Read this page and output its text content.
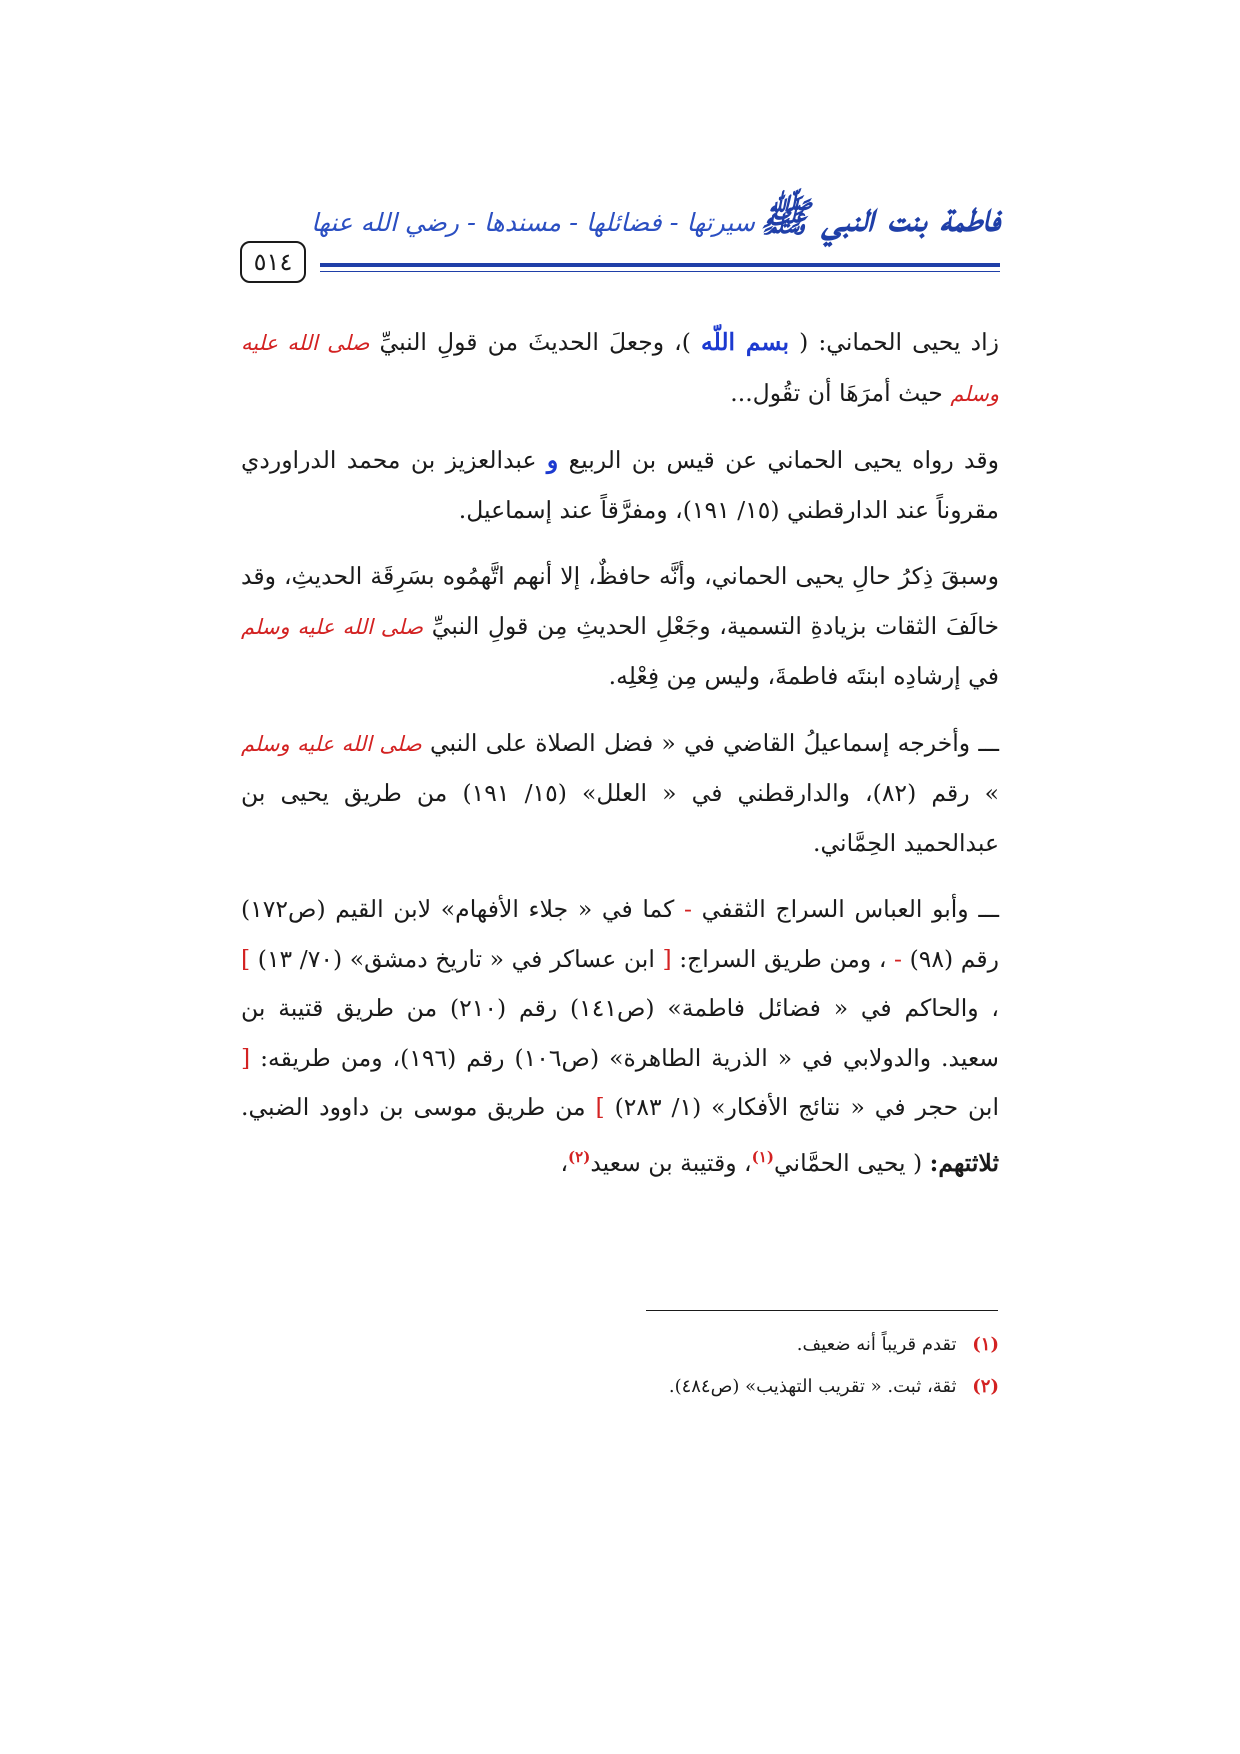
٥١٤
فاطمة بنت النبي ﷺ سيرتها - فضائلها - مسندها - رضي الله عنها

زاد يحيى الحماني: ( بسم اللّه )، وجعلَ الحديثَ من قولِ النبيِّ صلى الله عليه وسلم حيث أمرَهَا أن تقُول...

وقد رواه يحيى الحماني عن قيس بن الربيع و عبدالعزيز بن محمد الدراوردي مقروناً عند الدارقطني (١٥/ ١٩١)، ومفرَّقاً عند إسماعيل.

وسبقَ ذِكرُ حالِ يحيى الحماني، وأنَّه حافظٌ، إلا أنهم اتَّهمُوه بسَرِقَة الحديثِ، وقد خالَفَ الثقات بزيادةِ التسمية، وجَعْلِ الحديثِ مِن قولِ النبيِّ صلى الله عليه وسلم في إرشادِه ابنتَه فاطمةَ، وليس مِن فِعْلِه.

ـــ وأخرجه إسماعيلُ القاضي في « فضل الصلاة على النبي صلى الله عليه وسلم » رقم (٨٢)، والدارقطني في « العلل» (١٥/ ١٩١) من طريق يحيى بن عبدالحميد الحِمَّاني.

ـــ وأبو العباس السراج الثقفي - كما في « جلاء الأفهام» لابن القيم (ص١٧٢) رقم (٩٨) - ، ومن طريق السراج: [ ابن عساكر في « تاريخ دمشق» (٧٠/ ١٣) ] ، والحاكم في « فضائل فاطمة» (ص١٤١) رقم (٢١٠) من طريق قتيبة بن سعيد. والدولابي في « الذرية الطاهرة» (ص١٠٦) رقم (١٩٦)، ومن طريقه: [ ابن حجر في « نتائج الأفكار» (١/ ٢٨٣) ] من طريق موسى بن داوود الضبي. ثلاثتهم: ( يحيى الحمَّاني$^{(١)}$، وقتيبة بن سعيد$^{(٢)}$،

(١) تقدم قريباً أنه ضعيف.

(٢) ثقة، ثبت. « تقريب التهذيب» (ص٤٨٤).
